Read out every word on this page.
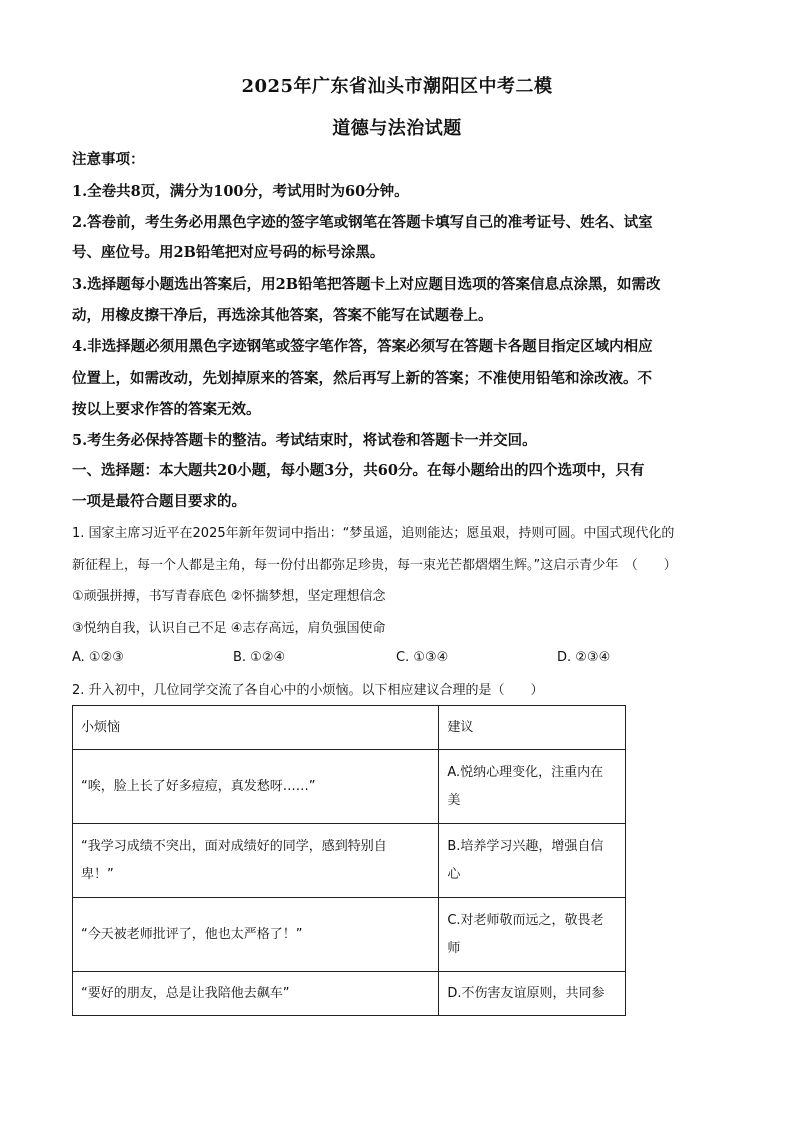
2025年广东省汕头市潮阳区中考二模
道德与法治试题
注意事项：
1.全卷共8页，满分为100分，考试用时为60分钟。
2.答卷前，考生务必用黑色字迹的签字笔或钢笔在答题卡填写自己的准考证号、姓名、试室
号、座位号。用2B铅笔把对应号码的标号涂黑。
3.选择题每小题选出答案后，用2B铅笔把答题卡上对应题目选项的答案信息点涂黑，如需改
动，用橡皮擦干净后，再选涂其他答案，答案不能写在试题卷上。
4.非选择题必须用黑色字迹钢笔或签字笔作答，答案必须写在答题卡各题目指定区域内相应
位置上，如需改动，先划掉原来的答案，然后再写上新的答案；不准使用铅笔和涂改液。不
按以上要求作答的答案无效。
5.考生务必保持答题卡的整洁。考试结束时，将试卷和答题卡一并交回。
一、选择题：本大题共20小题，每小题3分，共60分。在每小题给出的四个选项中，只有
一项是最符合题目要求的。
1. 国家主席习近平在2025年新年贺词中指出：“梦虽遥，追则能达；愿虽艰，持则可圆。中国式现代化的
新征程上，每一个人都是主角，每一份付出都弥足珍贵，每一束光芒都熠熠生辉。”这启示青少年　（　　）
①顽强拼搏，书写青春底色 ②怀揣梦想，坚定理想信念
③悦纳自我，认识自己不足 ④志存高远，肩负强国使命
A. ①②③	B. ①②④	C. ①③④	D. ②③④
2. 升入初中，几位同学交流了各自心中的小烦恼。以下相应建议合理的是（　　）
小烦恼	建议
“唉，脸上长了好多痘痘，真发愁呀……”	A.悦纳心理变化，注重内在
美
“我学习成绩不突出，面对成绩好的同学，感到特别自
卑！”	B.培养学习兴趣，增强自信
心
“今天被老师批评了，他也太严格了！”	C.对老师敬而远之，敬畏老
师
“要好的朋友，总是让我陪他去飙车”	D.不伤害友谊原则，共同参
